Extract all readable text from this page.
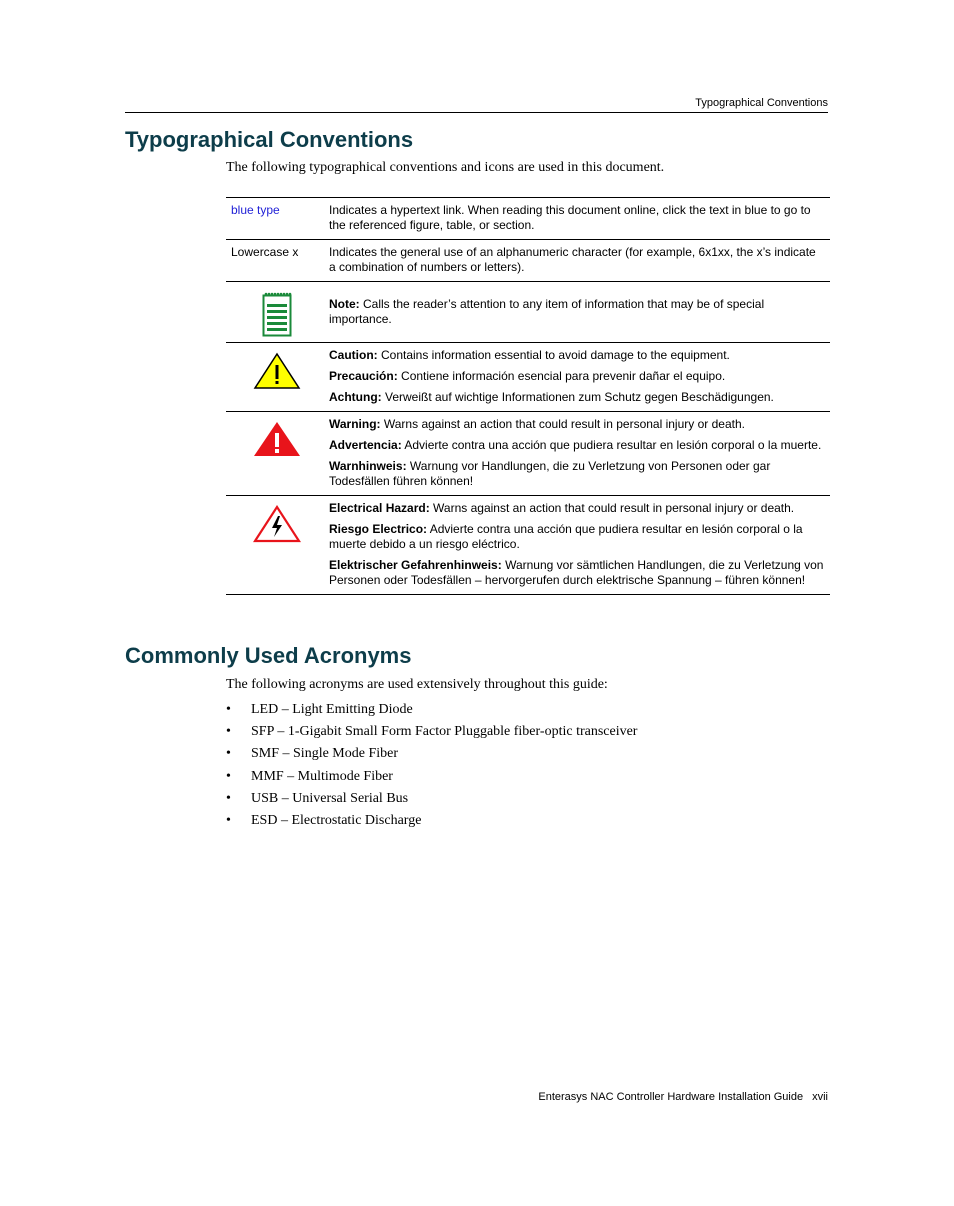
Typographical Conventions
Typographical Conventions

The following typographical conventions and icons are used in this document.

blue type	Indicates a hypertext link. When reading this document online, click the text in blue to go to the referenced figure, table, or section.
Lowercase x	Indicates the general use of an alphanumeric character (for example, 6x1xx, the x’s indicate a combination of numbers or letters).

	Note: Calls the reader’s attention to any item of information that may be of special importance.

Caution: Contains information essential to avoid damage to the equipment.
Precaución: Contiene información esencial para prevenir dañar el equipo.
Achtung: Verweißt auf wichtige Informationen zum Schutz gegen Beschädigungen.

Warning: Warns against an action that could result in personal injury or death.
Advertencia: Advierte contra una acción que pudiera resultar en lesión corporal o la muerte.
Warnhinweis: Warnung vor Handlungen, die zu Verletzung von Personen oder gar Todesfällen führen können!

Electrical Hazard: Warns against an action that could result in personal injury or death.
Riesgo Electrico: Advierte contra una acción que pudiera resultar en lesión corporal o la muerte debido a un riesgo eléctrico.
Elektrischer Gefahrenhinweis: Warnung vor sämtlichen Handlungen, die zu Verletzung von Personen oder Todesfällen – hervorgerufen durch elektrische Spannung – führen können!
Commonly Used Acronyms

The following acronyms are used extensively throughout this guide:

• LED – Light Emitting Diode
• SFP – 1-Gigabit Small Form Factor Pluggable fiber-optic transceiver
• SMF – Single Mode Fiber
• MMF – Multimode Fiber
• USB – Universal Serial Bus
• ESD – Electrostatic Discharge
Enterasys NAC Controller Hardware Installation Guide xvii
